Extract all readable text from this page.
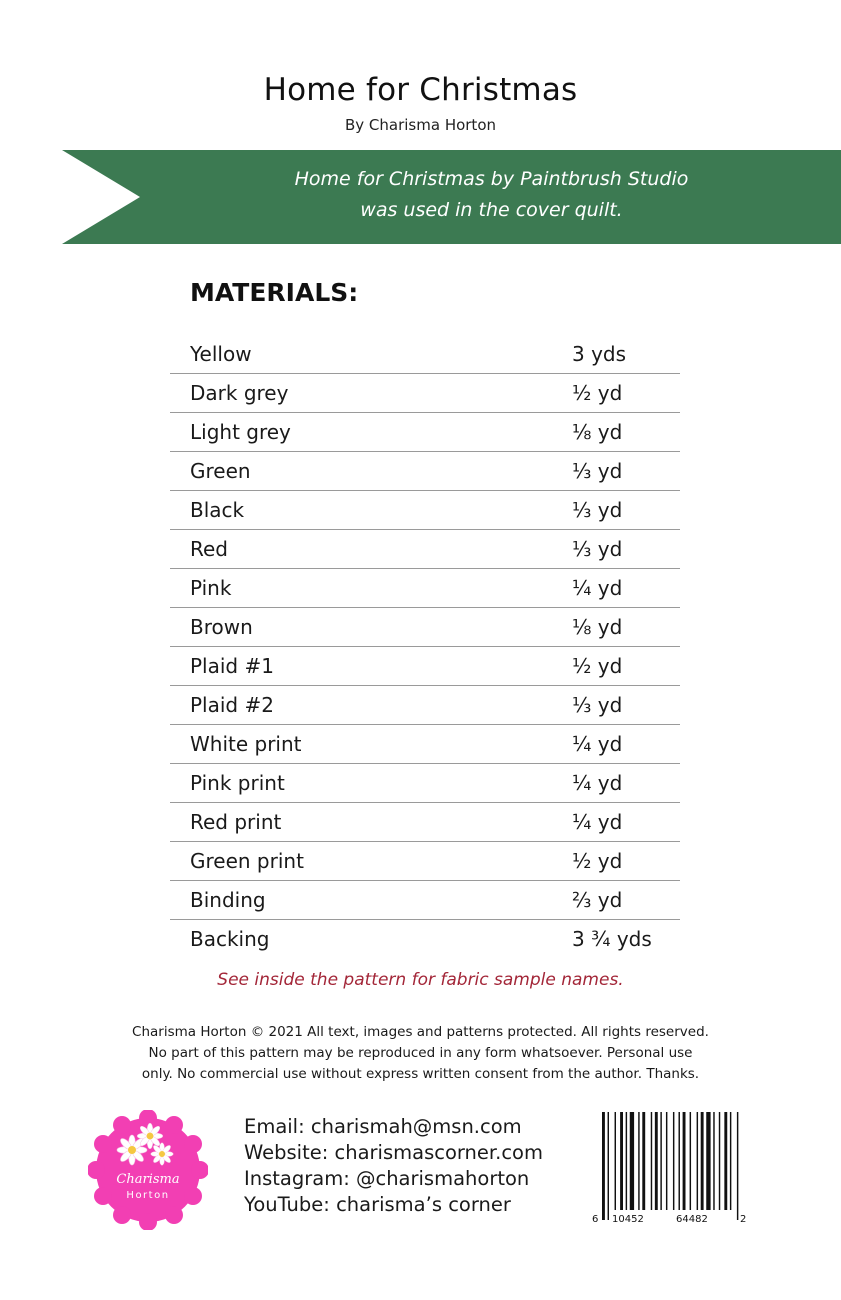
Home for Christmas
By Charisma Horton
Home for Christmas by Paintbrush Studio
was used in the cover quilt.
MATERIALS:
Yellow	3 yds
Dark grey	½ yd
Light grey	⅛ yd
Green	⅓ yd
Black	⅓ yd
Red	⅓ yd
Pink	¼ yd
Brown	⅛ yd
Plaid #1	½ yd
Plaid #2	⅓ yd
White print	¼ yd
Pink print	¼ yd
Red print	¼ yd
Green print	½ yd
Binding	⅔ yd
Backing	3 ¾ yds
See inside the pattern for fabric sample names.
Charisma Horton © 2021 All text, images and patterns protected. All rights reserved.
No part of this pattern may be reproduced in any form whatsoever. Personal use
only. No commercial use without express written consent from the author. Thanks.
Charisma
Horton
Email: charismah@msn.com
Website: charismascorner.com
Instagram: @charismahorton
YouTube: charisma’s corner
6 10452	64482	2
